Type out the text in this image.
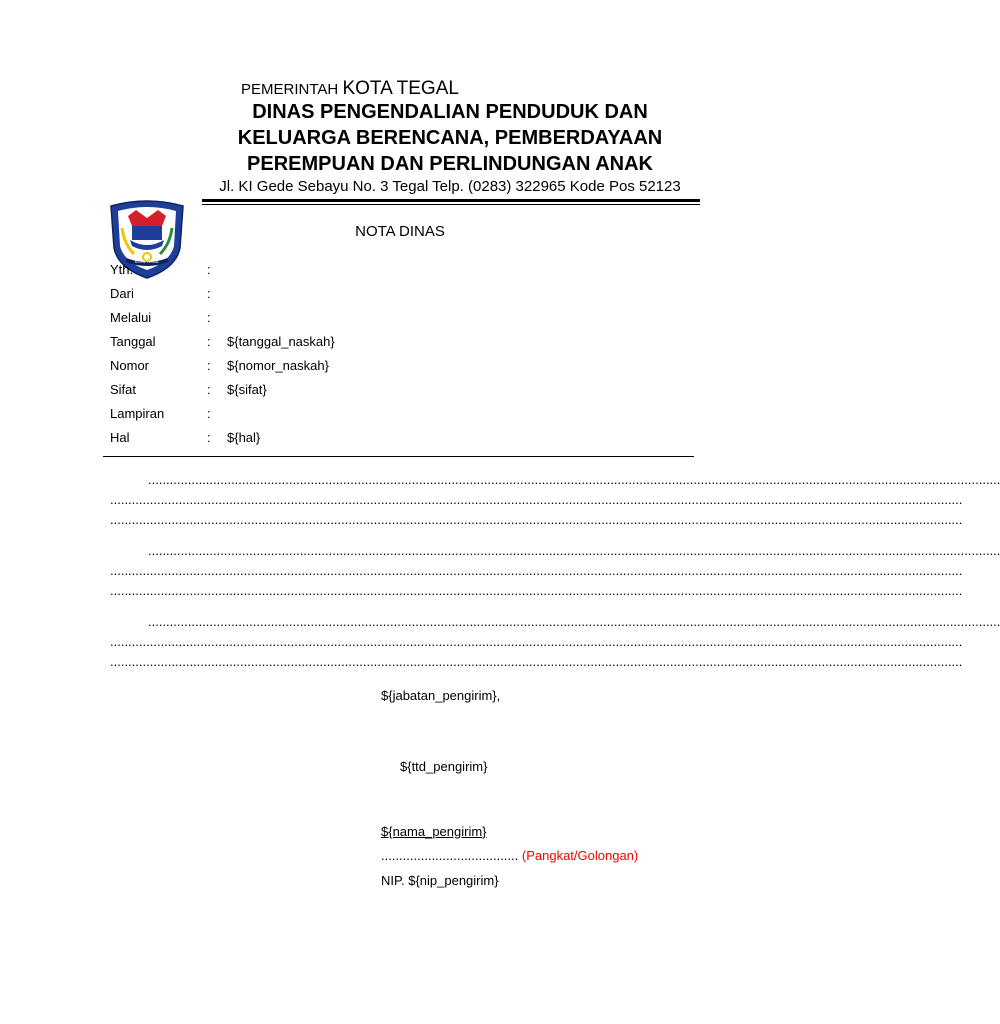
PEMERINTAH KOTA TEGAL
DINAS PENGENDALIAN PENDUDUK DAN
KELUARGA BERENCANA, PEMBERDAYAAN
PEREMPUAN DAN PERLINDUNGAN ANAK
Jl. KI Gede Sebayu No. 3 Tegal Telp. (0283) 322965 Kode Pos 52123
KOTA TEGAL
NOTA DINAS
Yth.	:
Dari	:
Melalui	:
Tanggal	: ${tanggal_naskah}
Nomor	: ${nomor_naskah}
Sifat	: ${sifat}
Lampiran	:
Hal	: ${hal}
............................................................................................................................................................................................................................................
............................................................................................................................................................................................................................................
............................................................................................................................................................................................................................................
............................................................................................................................................................................................................................................
............................................................................................................................................................................................................................................
............................................................................................................................................................................................................................................
............................................................................................................................................................................................................................................
............................................................................................................................................................................................................................................
............................................................................................................................................................................................................................................
${jabatan_pengirim},
${ttd_pengirim}
${nama_pengirim}
...................................... (Pangkat/Golongan)
NIP. ${nip_pengirim}
